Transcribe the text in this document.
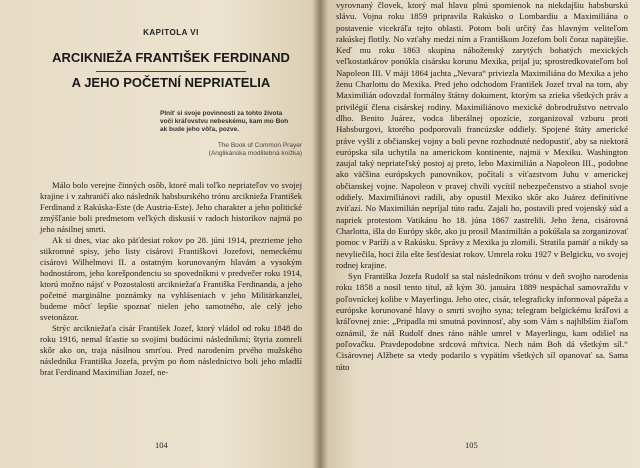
KAPITOLA VI
ARCIKNIEŽA FRANTIŠEK FERDINAND
A JEHO POČETNÍ NEPRIATELIA
Plniť si svoje povinnosti za tohto života
voči kráľovstvu nebeskému, kam mo Boh
ak bude jeho vôľa, pozve.
The Book of Common Prayer
(Anglikánska modlitebná knižka)

Málo bolo verejne činných osôb, ktoré mali toľko nepriateľov vo svojej krajine i v zahraničí ako následník habsburského trónu arcikniežа František Ferdinand z Rakúska-Este (de Austria-Este). Jeho charakter a jeho politické zmýšľanie boli predmetom veľkých diskusií v radoch historikov najmä po jeho násilnej smrti.

Ak si dnes, viac ako päťdesiat rokov po 28. júni 1914, prezrieme jeho stikromné spisy, jeho listy cisárovi Františkovi Jozefovi, nemeckému cisárovi Wilhelmovi II. a ostatným korunovaným hlavám a vysokým hodnostárom, jeho korešpondenciu so spovedníkmi v predvečer roku 1914, ktorú možno nájsť v Pozostalosti arcikniežaťa Františka Ferdinanda, a jeho početné marginálne poznámky na vyhláseniach v jeho Militärkanzlei, budeme môcť lepšie spoznať nielen jeho samotného, ale celý jeho svetonázor.

Strýc arcikniežaťa cisár František Jozef, ktorý vládol od roku 1848 do roku 1916, nemal šťastie so svojimi budúcimi následníkmi; štyria zomreli skôr ako on, traja násilnou smrťou. Pred narodením prvého mužského následníka Františka Jozefa, prvým po ňom následníctvo boli jeho mladší brat Ferdinand Maximilian Jozef, ne-

104

vyrovnaný človek, ktorý mal hlavu plnú spomienok na niekdajšiu habsburskú slávu. Vojna roku 1859 pripravila Rakúsko o Lombardiu a Maximiliána o postavenie vicekráľa tejto oblasti. Potom boli určitý čas hlavným veliteľom rakúskej flotily. No vzťahy medzi ním a Františkom Jozefom boli čoraz napätejšie. Keď mu roku 1863 skupina náboženský zarytých bohatých mexických veľkostatkárov ponúkla cisársku korunu Mexika, prijal ju; sprostredkovateľom bol Napoleon III. V máji 1864 jachta „Nevara“ priviezla Maximiliána do Mexika a jeho ženu Charlottu do Mexika. Pred jeho odchodom František Jozef trval na tom, aby Maximilián odovzdal formálny štátny dokument, ktorým sa zrieka všetkých práv a privilégií člena cisárskej rodiny. Maximiliánovo mexické dobrodružstvo netrvalo dlho. Benito Juárez, vodca liberálnej opozície, zorganizoval vzburu proti Habsburgovi, ktorého podporovali francúzske oddiely. Spojené štáty americké práve vyšli z občianskej vojny a boli pevne rozhodnuté nedopustiť, aby sa niektorá európska sila uchytila na americkom kontinente, najmä v Mexiku. Washington zaujal taký nepriateľský postoj aj preto, lebo Maximilián a Napoleon III., podobne ako väčšina európskych panovníkov, počítali s víťazstvom Juhu v americkej občianskej vojne. Napoleon v pravej chvíli vycítil nebezpečenstvo a stiahol svoje oddiely. Maximiliánovi radili, aby opustil Mexiko skôr ako Juárez definitívne zvíťazí. No Maximilián nepríjal túto radu. Zajali ho, postavili pred vojenský súd a napriek protestom Vatikánu ho 18. júna 1867 zastrelili. Jeho žena, cisárovná Charlotta, išla do Európy skôr, ako ju prosil Maximilián a pokúšala sa zorganizovať pomoc v Paríži a v Rakúsku. Správy z Mexika ju zlomili. Stratila pamäť a nikdy sa nevyliečila, hoci žila ešte šesťdesiat rokov. Umrela roku 1927 v Belgicku, vo svojej rodnej krajine.

Syn Františka Jozefa Rudolf sa stal následníkom trónu v deň svojho narodenia roku 1858 a nosil tento titul, až kým 30. januára 1889 nespáchal samovraždu v poľovníckej kolibe v Mayerlingu. Jeho otec, cisár, telegraficky informoval pápeža a európske korunované hlavy o smrti svojho syna; telegram belgickému kráľovi a kráľovnej znie: „Pripadla mi smutná povinnosť, aby som Vám s najhlbším žiaľom oznámil, že náš Rudolf dnes ráno náhle umrel v Mayerlingu, kam odišiel na poľovačku. Pravdepodobne srdcová mŕtvica. Nech nám Boh dá všetkým síl.“ Cisárovnej Alžbete sa vtedy podarilo s vypätím všetkých síl opanovať sa. Sama túto

105
